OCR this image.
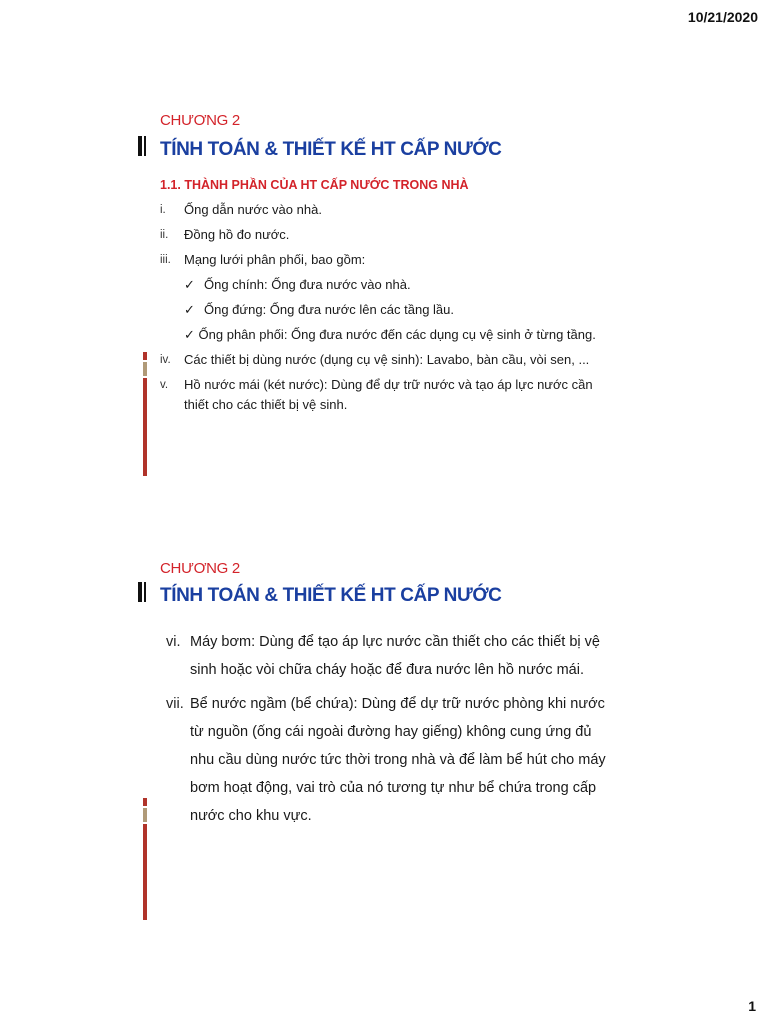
10/21/2020
CHƯƠNG 2
TÍNH TOÁN & THIẾT KẾ HT CẤP NƯỚC
1.1. THÀNH PHẦN CỦA HT CẤP NƯỚC TRONG NHÀ
i. Ống dẫn nước vào nhà.
ii. Đồng hồ đo nước.
iii. Mạng lưới phân phối, bao gồm:
✓ Ống chính: Ống đưa nước vào nhà.
✓ Ống đứng: Ống đưa nước lên các tầng lầu.
✓ Ống phân phối: Ống đưa nước đến các dụng cụ vệ sinh ở từng tầng.
iv. Các thiết bị dùng nước (dụng cụ vệ sinh): Lavabo, bàn cầu, vòi sen, ...
v. Hồ nước mái (két nước): Dùng để dự trữ nước và tạo áp lực nước cần thiết cho các thiết bị vệ sinh.
CHƯƠNG 2
TÍNH TOÁN & THIẾT KẾ HT CẤP NƯỚC
vi. Máy bơm: Dùng để tạo áp lực nước cần thiết cho các thiết bị vệ sinh hoặc vòi chữa cháy hoặc để đưa nước lên hồ nước mái.
vii. Bể nước ngầm (bể chứa): Dùng để dự trữ nước phòng khi nước từ nguồn (ống cái ngoài đường hay giếng) không cung ứng đủ nhu cầu dùng nước tức thời trong nhà và để làm bể hút cho máy bơm hoạt động, vai trò của nó tương tự như bể chứa trong cấp nước cho khu vực.
1
